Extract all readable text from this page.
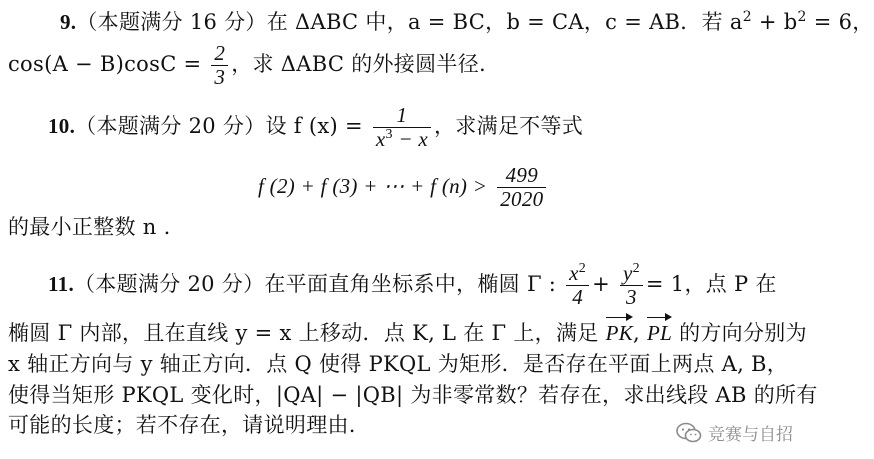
9.（本题满分 16 分）在 ΔABC 中，a = BC，b = CA，c = AB．若 $a^2 + b^2 = 6$，
$\cos(A - B)\cos C = \frac{2}{3}$ ，求 ΔABC 的外接圆半径.
10.（本题满分 20 分）设 f $(x) = \frac{1}{x^3 - x}$ ，求满足不等式
f (2) + f (3) + ⋯ + f $(n) > \frac{499}{2020}$
的最小正整数 n .
11.（本题满分 20 分）在平面直角坐标系中，椭圆 Γ : $\frac{x^2}{4} + \frac{y^2}{3} = 1$，点 P 在
椭圆 Γ 内部，且在直线 y = x 上移动．点 K, L 在 Γ 上，满足 PK, PL 的方向分别为
x 轴正方向与 y 轴正方向．点 Q 使得 PKQL 为矩形．是否存在平面上两点 A, B，
使得当矩形 PKQL 变化时，|QA| − |QB| 为非零常数？若存在，求出线段 AB 的所有
可能的长度；若不存在，请说明理由.	竞赛与自招
